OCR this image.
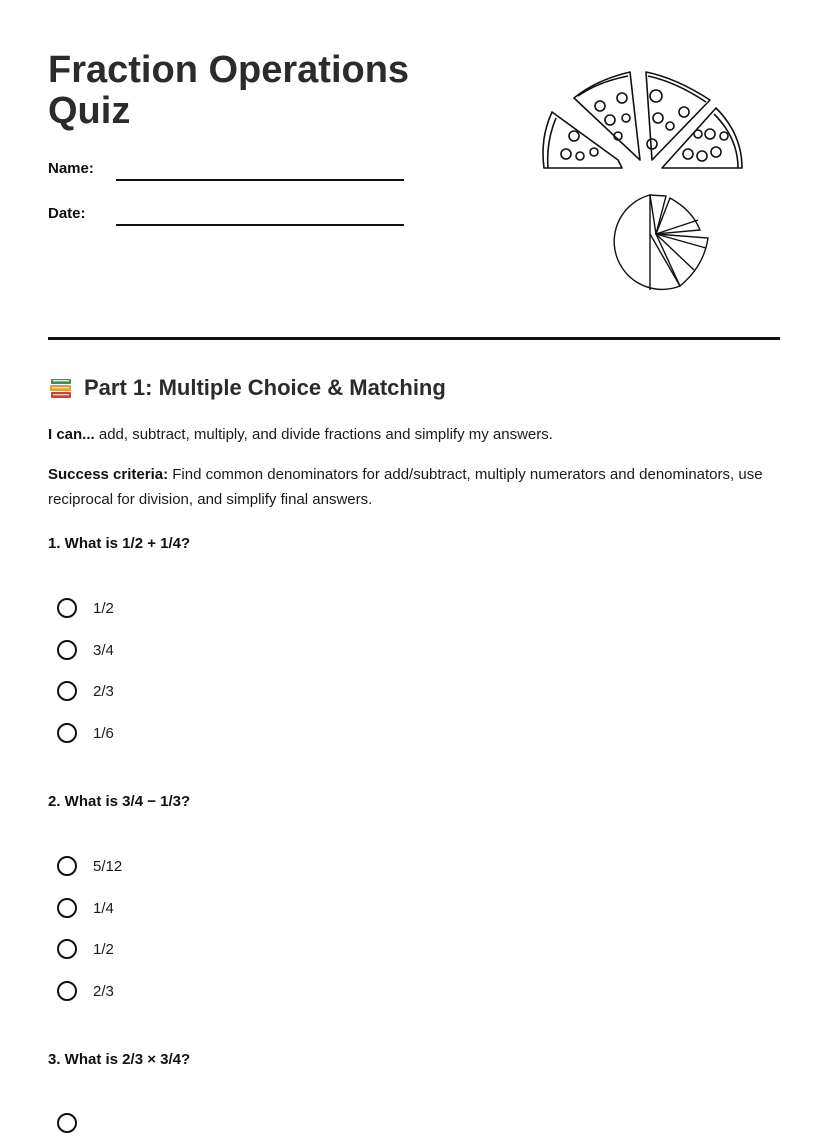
Fraction Operations Quiz
Name:
Date:
Part 1: Multiple Choice & Matching

I can... add, subtract, multiply, and divide fractions and simplify my answers.

Success criteria: Find common denominators for add/subtract, multiply numerators and denominators, use reciprocal for division, and simplify final answers.

1. What is 1/2 + 1/4?

1/2
3/4
2/3
1/6

2. What is 3/4 − 1/3?

5/12
1/4
1/2
2/3

3. What is 2/3 × 3/4?
